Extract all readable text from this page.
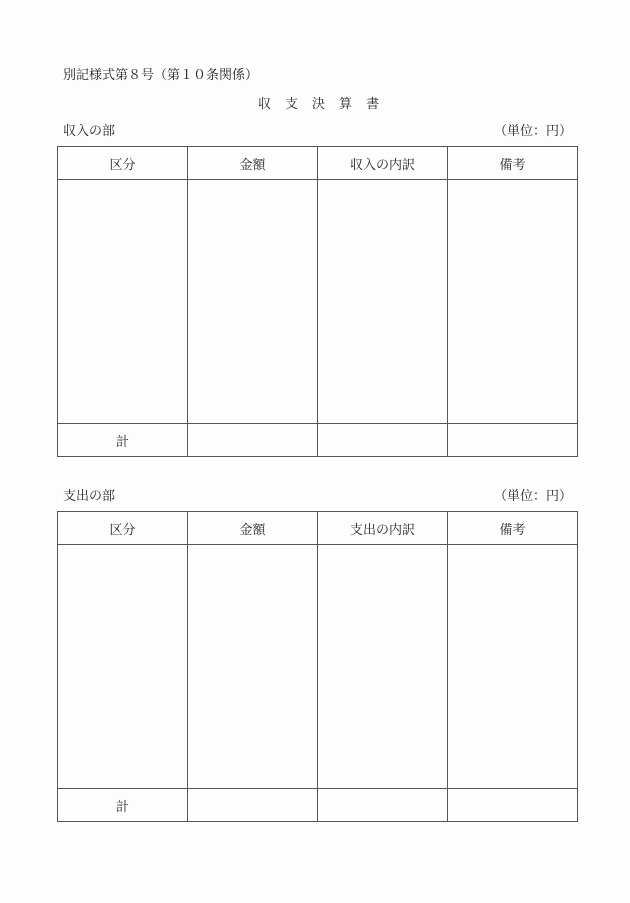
別記様式第８号（第１０条関係）
収 支 決 算 書
収入の部	（単位：円）
区分	金額	収入の内訳	備考

計			
支出の部	（単位：円）
区分	金額	支出の内訳	備考

計			
